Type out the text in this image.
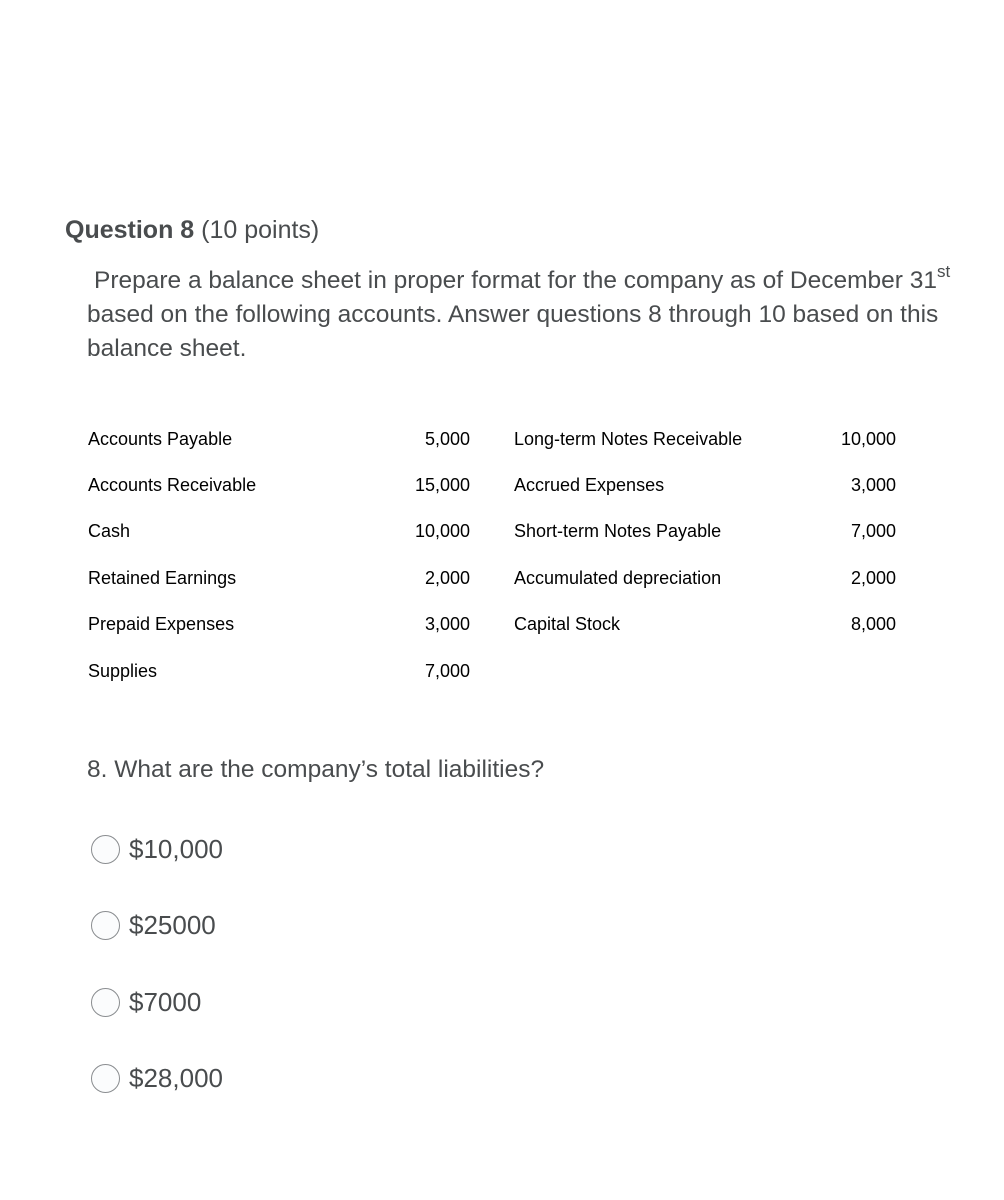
Question 8 (10 points)
Prepare a balance sheet in proper format for the company as of December 31st based on the following accounts. Answer questions 8 through 10 based on this balance sheet.
Accounts Payable	5,000		Long-term Notes Receivable	10,000
Accounts Receivable	15,000		Accrued Expenses	3,000
Cash	10,000		Short-term Notes Payable	7,000
Retained Earnings	2,000		Accumulated depreciation	2,000
Prepaid Expenses	3,000		Capital Stock	8,000
Supplies	7,000			
8. What are the company’s total liabilities?
$10,000
$25000
$7000
$28,000
